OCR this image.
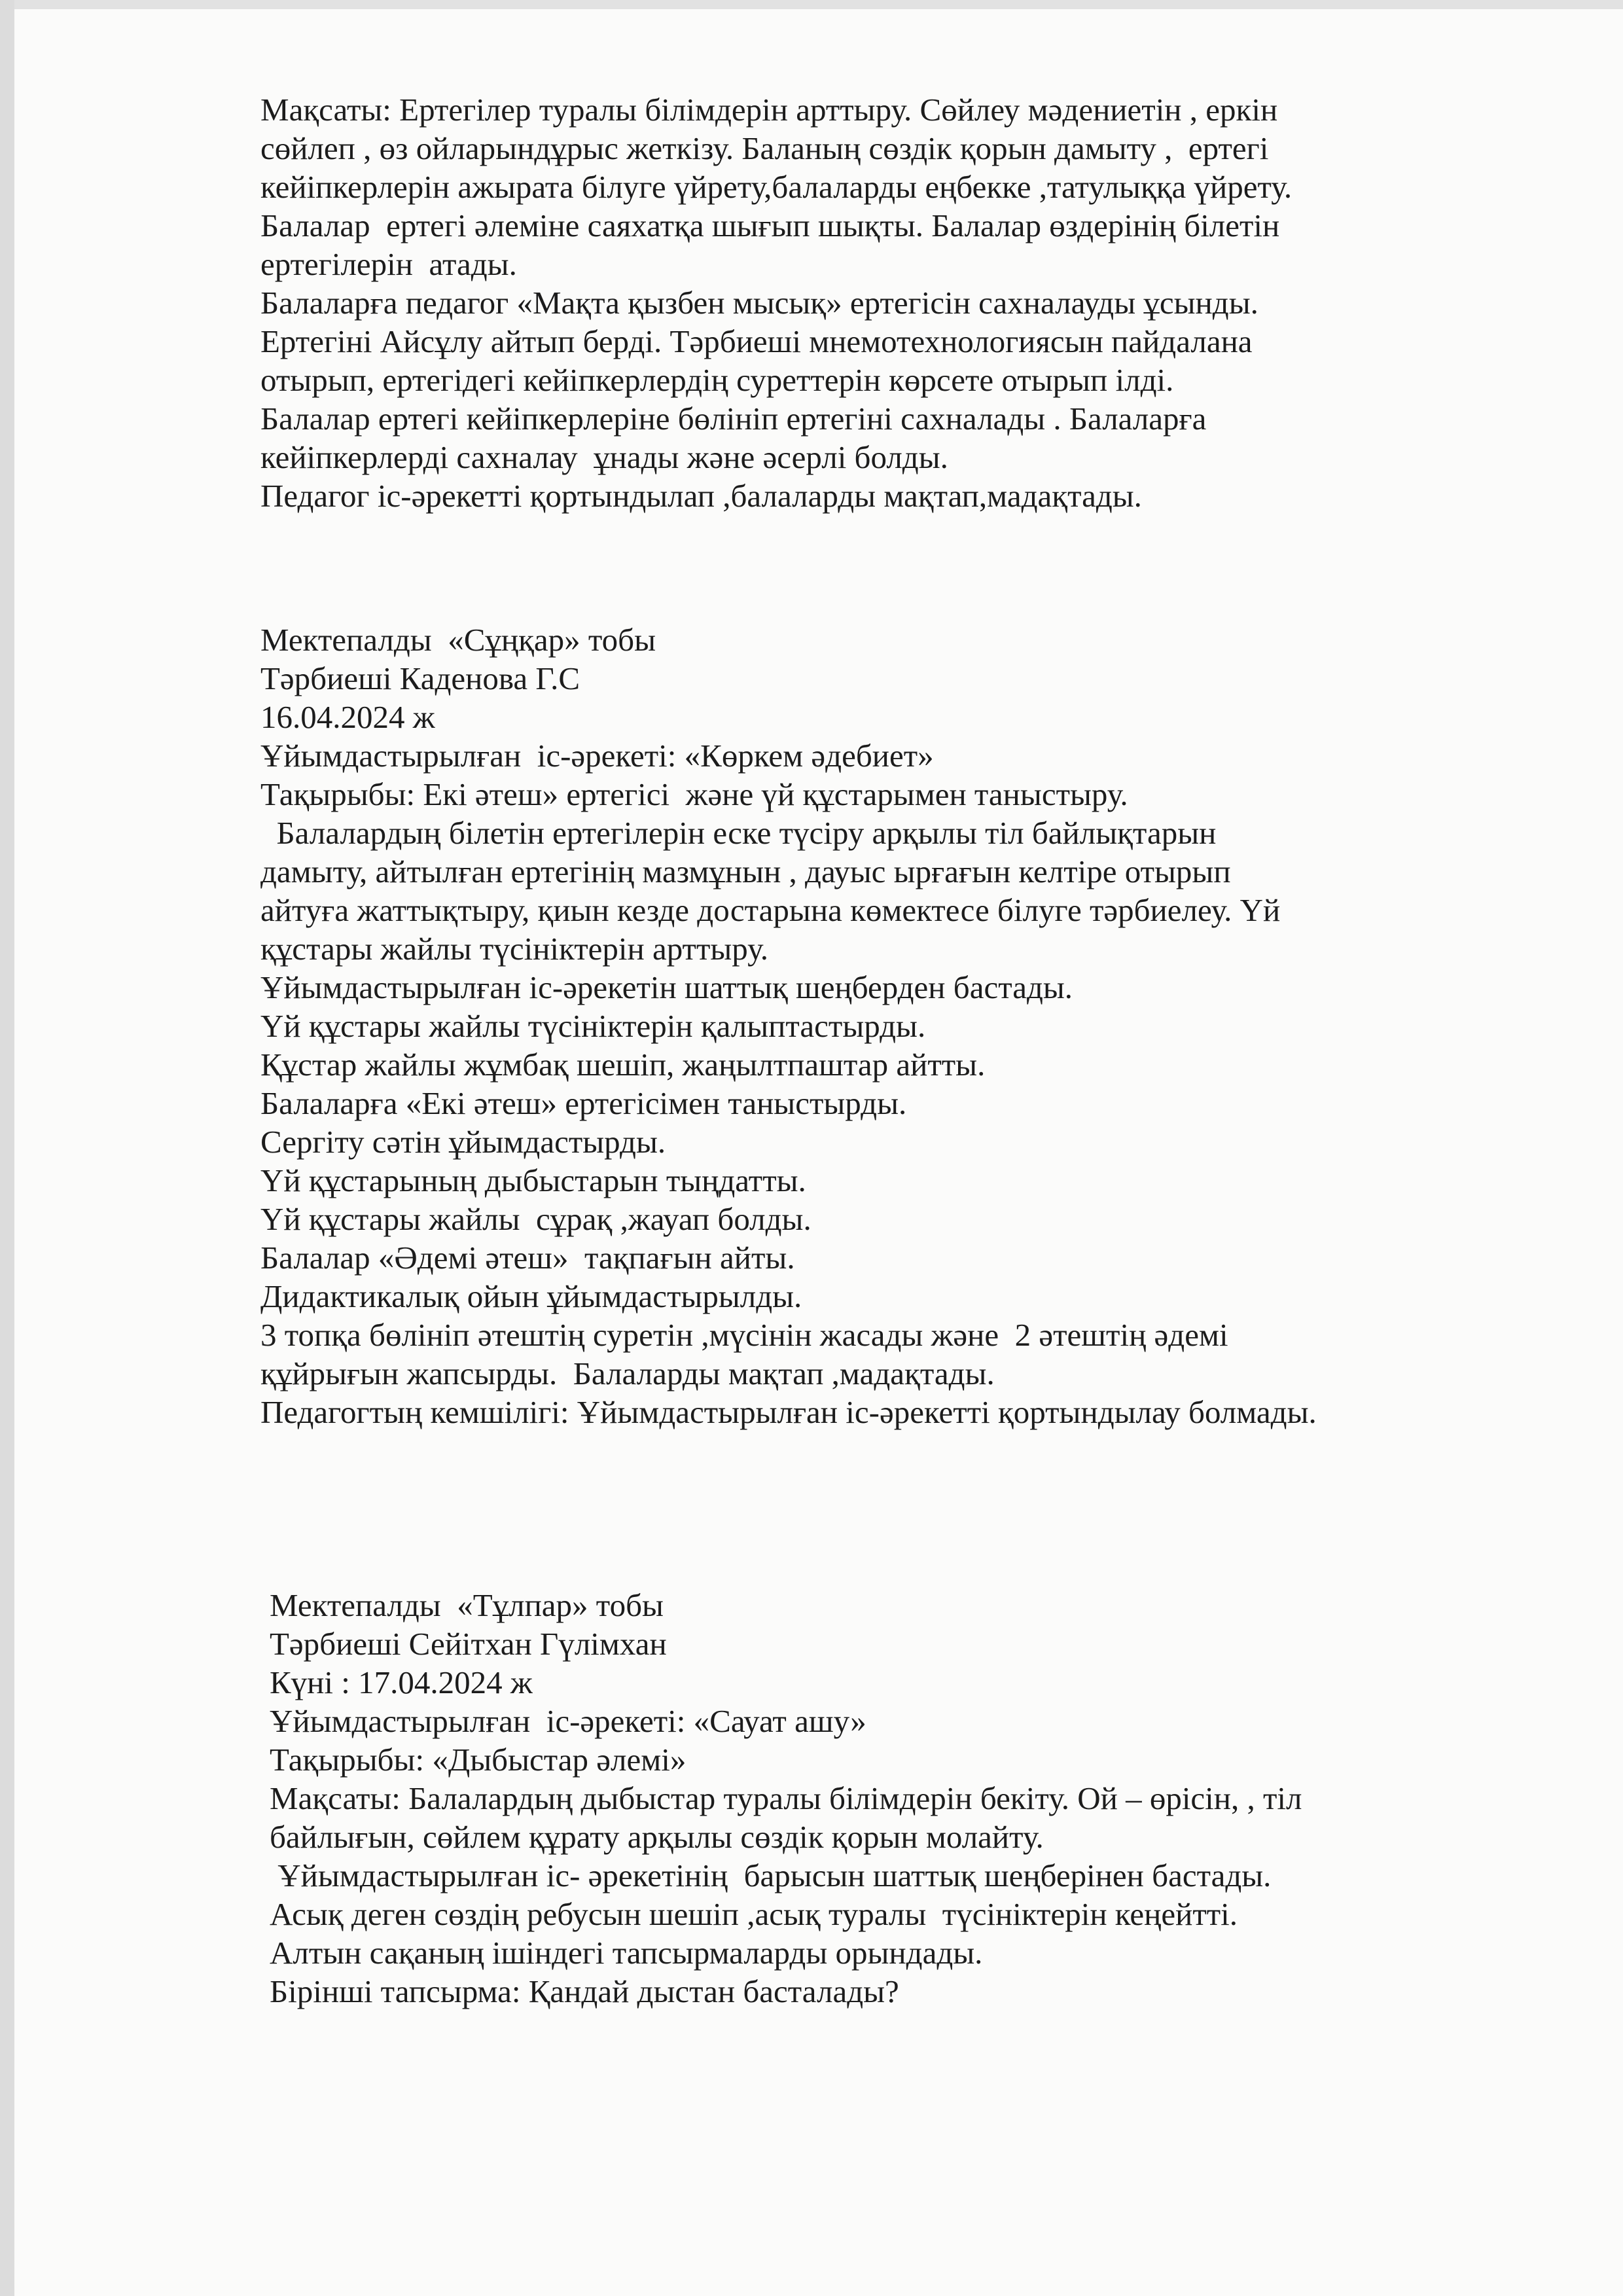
Мақсаты: Ертегілер туралы білімдерін арттыру. Сөйлеу мәдениетін , еркін
сөйлеп , өз ойларындұрыс жеткізу. Баланың сөздік қорын дамыту ,  ертегі
кейіпкерлерін ажырата білуге үйрету,балаларды еңбекке ,татулыққа үйрету.
Балалар  ертегі әлеміне саяхатқа шығып шықты. Балалар өздерінің білетін
ертегілерін  атады.
Балаларға педагог «Мақта қызбен мысық» ертегісін сахналауды ұсынды.
Ертегіні Айсұлу айтып берді. Тәрбиеші мнемотехнологиясын пайдалана
отырып, ертегідегі кейіпкерлердің суреттерін көрсете отырып ілді.
Балалар ертегі кейіпкерлеріне бөлініп ертегіні сахналады . Балаларға
кейіпкерлерді сахналау  ұнады және әсерлі болды.
Педагог іс-әрекетті қортындылап ,балаларды мақтап,мадақтады.
Мектепалды  «Сұңқар» тобы
Тәрбиеші Каденова Г.С
16.04.2024 ж
Ұйымдастырылған  іс-әрекеті: «Көркем әдебиет»
Тақырыбы: Екі әтеш» ертегісі  және үй құстарымен таныстыру.
Балалардың білетін ертегілерін еске түсіру арқылы тіл байлықтарын
дамыту, айтылған ертегінің мазмұнын , дауыс ырғағын келтіре отырып
айтуға жаттықтыру, қиын кезде достарына көмектесе білуге тәрбиелеу. Үй
құстары жайлы түсініктерін арттыру.
Ұйымдастырылған іс-әрекетін шаттық шеңберден бастады.
Үй құстары жайлы түсініктерін қалыптастырды.
Құстар жайлы жұмбақ шешіп, жаңылтпаштар айтты.
Балаларға «Екі әтеш» ертегісімен таныстырды.
Сергіту сәтін ұйымдастырды.
Үй құстарының дыбыстарын тыңдатты.
Үй құстары жайлы  сұрақ ,жауап болды.
Балалар «Әдемі әтеш»  тақпағын айты.
Дидактикалық ойын ұйымдастырылды.
3 топқа бөлініп әтештің суретін ,мүсінін жасады және  2 әтештің әдемі
құйрығын жапсырды.  Балаларды мақтап ,мадақтады.
Педагогтың кемшілігі: Ұйымдастырылған іс-әрекетті қортындылау болмады.
Мектепалды  «Тұлпар» тобы
Тәрбиеші Сейітхан Гүлімхан
Күні : 17.04.2024 ж
Ұйымдастырылған  іс-әрекеті: «Сауат ашу»
Тақырыбы: «Дыбыстар әлемі»
Мақсаты: Балалардың дыбыстар туралы білімдерін бекіту. Ой – өрісін, , тіл
байлығын, сөйлем құрату арқылы сөздік қорын молайту.
Ұйымдастырылған іс- әрекетінің  барысын шаттық шеңберінен бастады.
Асық деген сөздің ребусын шешіп ,асық туралы  түсініктерін кеңейтті.
Алтын сақаның ішіндегі тапсырмаларды орындады.
Бірінші тапсырма: Қандай дыстан басталады?
